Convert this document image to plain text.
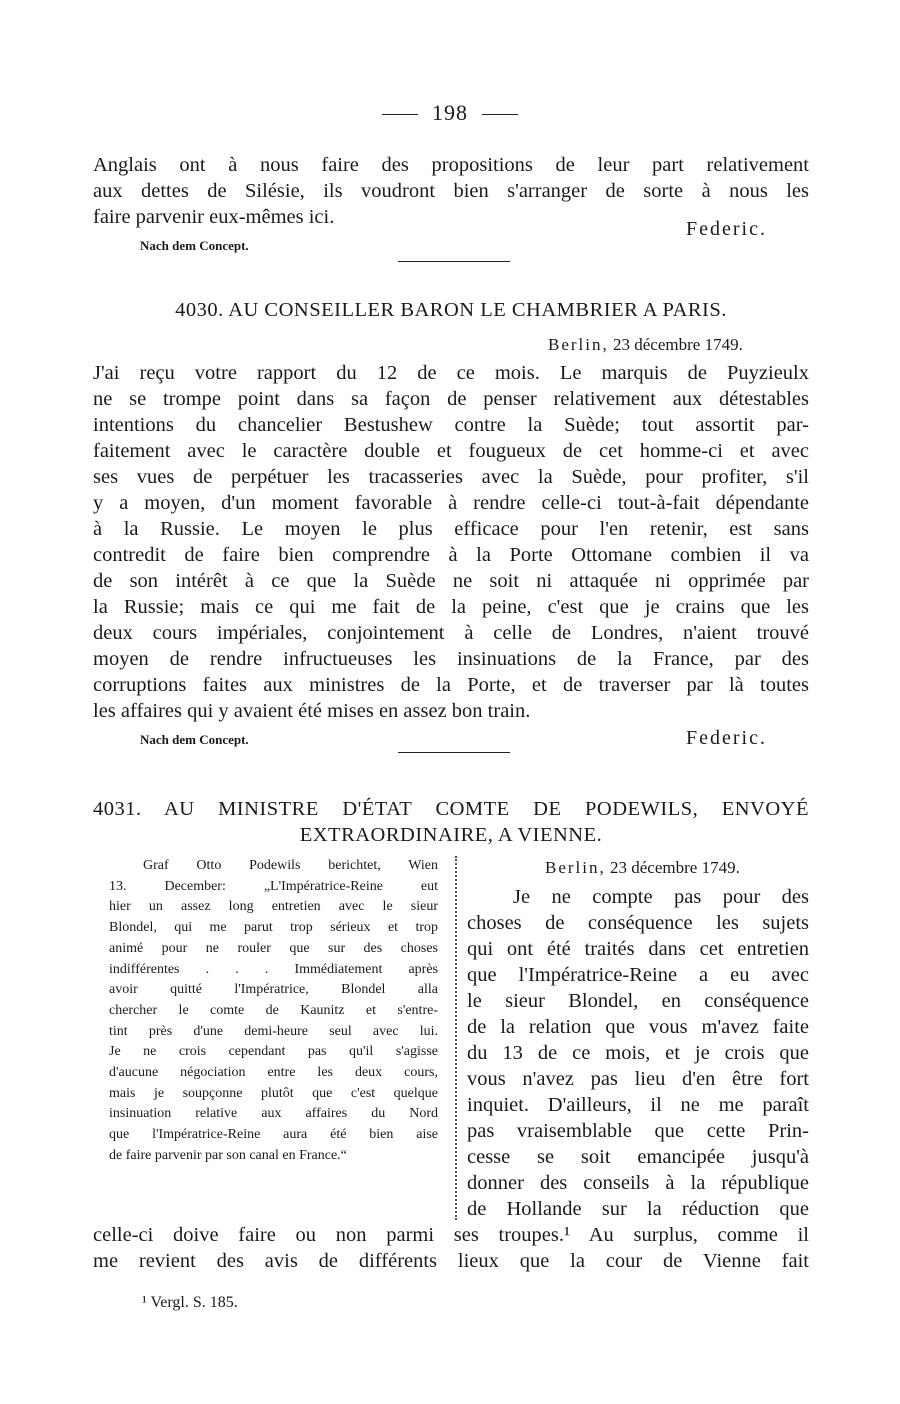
198
Anglais ont à nous faire des propositions de leur part relativement
aux dettes de Silésie, ils voudront bien s'arranger de sorte à nous les
faire parvenir eux-mêmes ici.
Federic.
Nach dem Concept.
4030. AU CONSEILLER BARON LE CHAMBRIER A PARIS.
Berlin, 23 décembre 1749.
J'ai reçu votre rapport du 12 de ce mois. Le marquis de Puyzieulx
ne se trompe point dans sa façon de penser relativement aux détestables
intentions du chancelier Bestushew contre la Suède; tout assortit par-
faitement avec le caractère double et fougueux de cet homme-ci et avec
ses vues de perpétuer les tracasseries avec la Suède, pour profiter, s'il
y a moyen, d'un moment favorable à rendre celle-ci tout-à-fait dépendante
à la Russie. Le moyen le plus efficace pour l'en retenir, est sans
contredit de faire bien comprendre à la Porte Ottomane combien il va
de son intérêt à ce que la Suède ne soit ni attaquée ni opprimée par
la Russie; mais ce qui me fait de la peine, c'est que je crains que les
deux cours impériales, conjointement à celle de Londres, n'aient trouvé
moyen de rendre infructueuses les insinuations de la France, par des
corruptions faites aux ministres de la Porte, et de traverser par là toutes
les affaires qui y avaient été mises en assez bon train.
Nach dem Concept.	Federic.
4031. AU MINISTRE D'ÉTAT COMTE DE PODEWILS, ENVOYÉ
EXTRAORDINAIRE, A VIENNE.
Graf Otto Podewils berichtet, Wien
13. December: „L'Impératrice-Reine eut
hier un assez long entretien avec le sieur
Blondel, qui me parut trop sérieux et trop
animé pour ne rouler que sur des choses
indifférentes . . . Immédiatement après
avoir quitté l'Impératrice, Blondel alla
chercher le comte de Kaunitz et s'entre-
tint près d'une demi-heure seul avec lui.
Je ne crois cependant pas qu'il s'agisse
d'aucune négociation entre les deux cours,
mais je soupçonne plutôt que c'est quelque
insinuation relative aux affaires du Nord
que l'Impératrice-Reine aura été bien aise
de faire parvenir par son canal en France.“
Berlin, 23 décembre 1749.
Je ne compte pas pour des
choses de conséquence les sujets
qui ont été traités dans cet entretien
que l'Impératrice-Reine a eu avec
le sieur Blondel, en conséquence
de la relation que vous m'avez faite
du 13 de ce mois, et je crois que
vous n'avez pas lieu d'en être fort
inquiet. D'ailleurs, il ne me paraît
pas vraisemblable que cette Prin-
cesse se soit emancipée jusqu'à
donner des conseils à la république
de Hollande sur la réduction que
celle-ci doive faire ou non parmi ses troupes.¹ Au surplus, comme il
me revient des avis de différents lieux que la cour de Vienne fait
¹ Vergl. S. 185.
